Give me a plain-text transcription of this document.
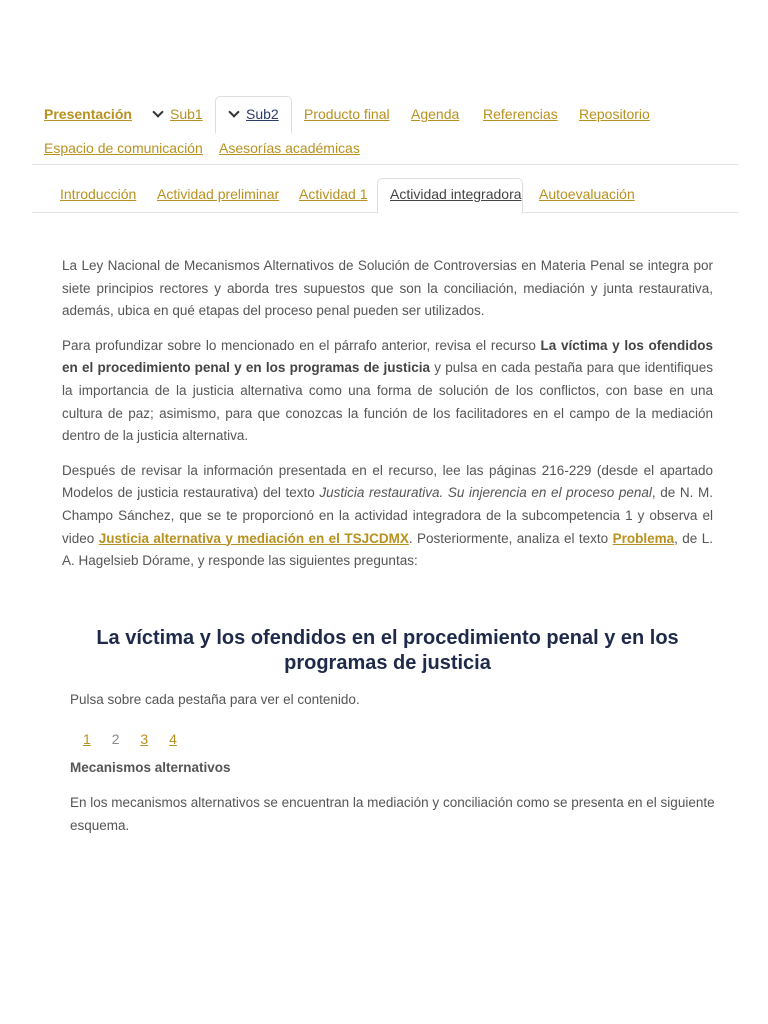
Presentación	Sub1	Sub2 Producto final Agenda Referencias Repositorio
Espacio de comunicación Asesorías académicas
Introducción Actividad preliminar Actividad 1 Actividad integradora Autoevaluación

La Ley Nacional de Mecanismos Alternativos de Solución de Controversias en Materia Penal se integra por siete principios rectores y aborda tres supuestos que son la conciliación, mediación y junta restaurativa, además, ubica en qué etapas del proceso penal pueden ser utilizados.

Para profundizar sobre lo mencionado en el párrafo anterior, revisa el recurso La víctima y los ofendidos en el procedimiento penal y en los programas de justicia y pulsa en cada pestaña para que identifiques la importancia de la justicia alternativa como una forma de solución de los conflictos, con base en una cultura de paz; asimismo, para que conozcas la función de los facilitadores en el campo de la mediación dentro de la justicia alternativa.

Después de revisar la información presentada en el recurso, lee las páginas 216-229 (desde el apartado Modelos de justicia restaurativa) del texto Justicia restaurativa. Su injerencia en el proceso penal, de N. M. Champo Sánchez, que se te proporcionó en la actividad integradora de la subcompetencia 1 y observa el video Justicia alternativa y mediación en el TSJCDMX. Posteriormente, analiza el texto Problema, de L. A. Hagelsieb Dórame, y responde las siguientes preguntas:

La víctima y los ofendidos en el procedimiento penal y en los programas de justicia
Pulsa sobre cada pestaña para ver el contenido.
1 2 3 4
Mecanismos alternativos
En los mecanismos alternativos se encuentran la mediación y conciliación como se presenta en el siguiente esquema.
